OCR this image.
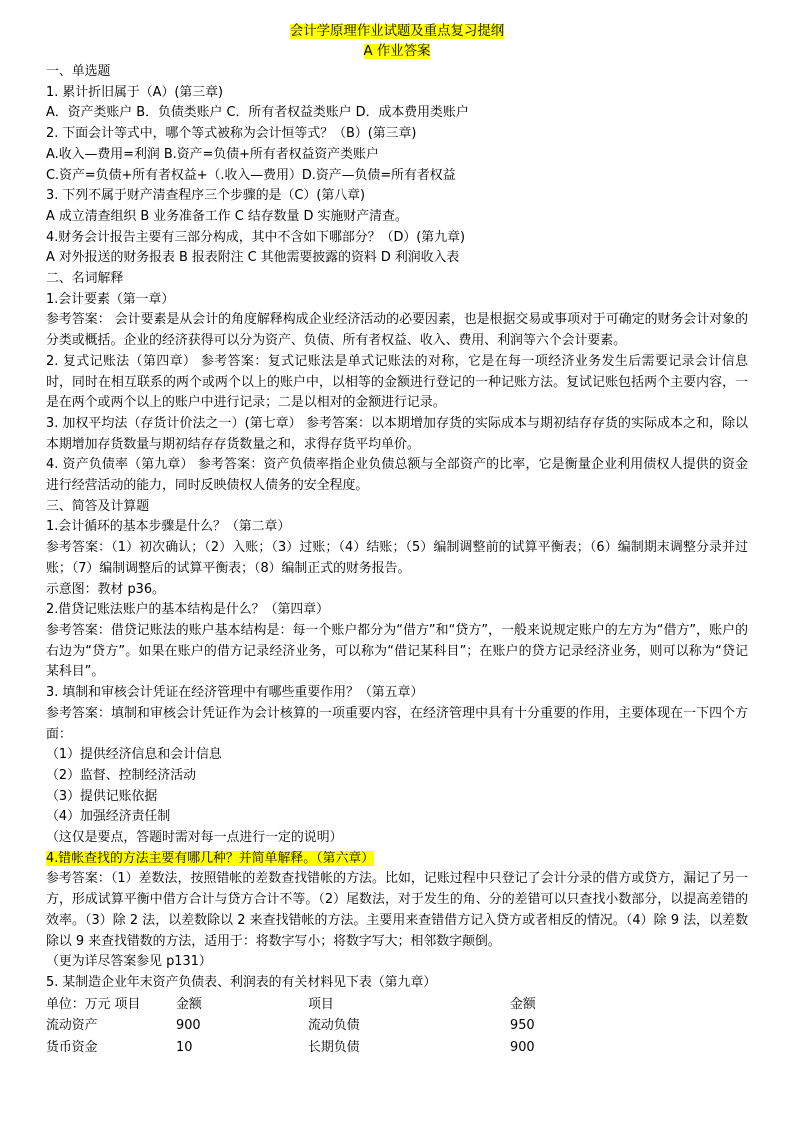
会计学原理作业试题及重点复习提纲
A 作业答案
一、单选题
1. 累计折旧属于（A）(第三章)
A．资产类账户 B．负债类账户 C．所有者权益类账户 D．成本费用类账户
2. 下面会计等式中，哪个等式被称为会计恒等式？（B）(第三章)
A.收入—费用=利润 B.资产=负债+所有者权益资产类账户
C.资产=负债+所有者权益+（.收入—费用）D.资产—负债=所有者权益
3. 下列不属于财产清查程序三个步骤的是（C）(第八章)
A 成立清查组织 B 业务准备工作 C 结存数量 D 实施财产清查。
4.财务会计报告主要有三部分构成，其中不含如下哪部分？（D）(第九章)
A 对外报送的财务报表 B 报表附注 C 其他需要披露的资料 D 利润收入表
二、名词解释
1.会计要素（第一章）
参考答案： 会计要素是从会计的角度解释构成企业经济活动的必要因素，也是根据交易或事项对于可确定的财务会计对象的分类或概括。企业的经济获得可以分为资产、负债、所有者权益、收入、费用、利润等六个会计要素。
2. 复式记账法（第四章） 参考答案：复式记账法是单式记账法的对称，它是在每一项经济业务发生后需要记录会计信息时，同时在相互联系的两个或两个以上的账户中，以相等的金额进行登记的一种记账方法。复试记账包括两个主要内容，一是在两个或两个以上的账户中进行记录；二是以相对的金额进行记录。
3. 加权平均法（存货计价法之一）(第七章） 参考答案：以本期增加存货的实际成本与期初结存存货的实际成本之和，除以本期增加存货数量与期初结存存货数量之和，求得存货平均单价。
4. 资产负债率（第九章） 参考答案：资产负债率指企业负债总额与全部资产的比率，它是衡量企业利用债权人提供的资金进行经营活动的能力，同时反映债权人债务的安全程度。
三、简答及计算题
1.会计循环的基本步骤是什么？（第二章）
参考答案：（1）初次确认；（2）入账；（3）过账；（4）结账；（5）编制调整前的试算平衡表；（6）编制期末调整分录并过账；（7）编制调整后的试算平衡表；（8）编制正式的财务报告。
示意图：教材 p36。
2.借贷记账法账户的基本结构是什么？（第四章）
参考答案：借贷记账法的账户基本结构是：每一个账户都分为“借方”和“贷方”，一般来说规定账户的左方为“借方”，账户的右边为“贷方”。如果在账户的借方记录经济业务，可以称为“借记某科目”；在账户的贷方记录经济业务，则可以称为“贷记某科目”。
3. 填制和审核会计凭证在经济管理中有哪些重要作用？（第五章）
参考答案：填制和审核会计凭证作为会计核算的一项重要内容，在经济管理中具有十分重要的作用，主要体现在一下四个方面：
（1）提供经济信息和会计信息
（2）监督、控制经济活动
（3）提供记账依据
（4）加强经济责任制
（这仅是要点，答题时需对每一点进行一定的说明）
4.错帐查找的方法主要有哪几种？并简单解释。（第六章）
参考答案：（1）差数法，按照错帐的差数查找错帐的方法。比如，记账过程中只登记了会计分录的借方或贷方，漏记了另一方，形成试算平衡中借方合计与贷方合计不等。（2）尾数法，对于发生的角、分的差错可以只查找小数部分，以提高差错的效率。（3）除 2 法，以差数除以 2 来查找错帐的方法。主要用来查错借方记入贷方或者相反的情况。（4）除 9 法，以差数除以 9 来查找错数的方法，适用于：将数字写小；将数字写大；相邻数字颠倒。
（更为详尽答案参见 p131）
5. 某制造企业年末资产负债表、利润表的有关材料见下表（第九章）
单位：万元 项目	金额	项目	金额
流动资产	900	流动负债	950
货币资金	10	长期负债	900
